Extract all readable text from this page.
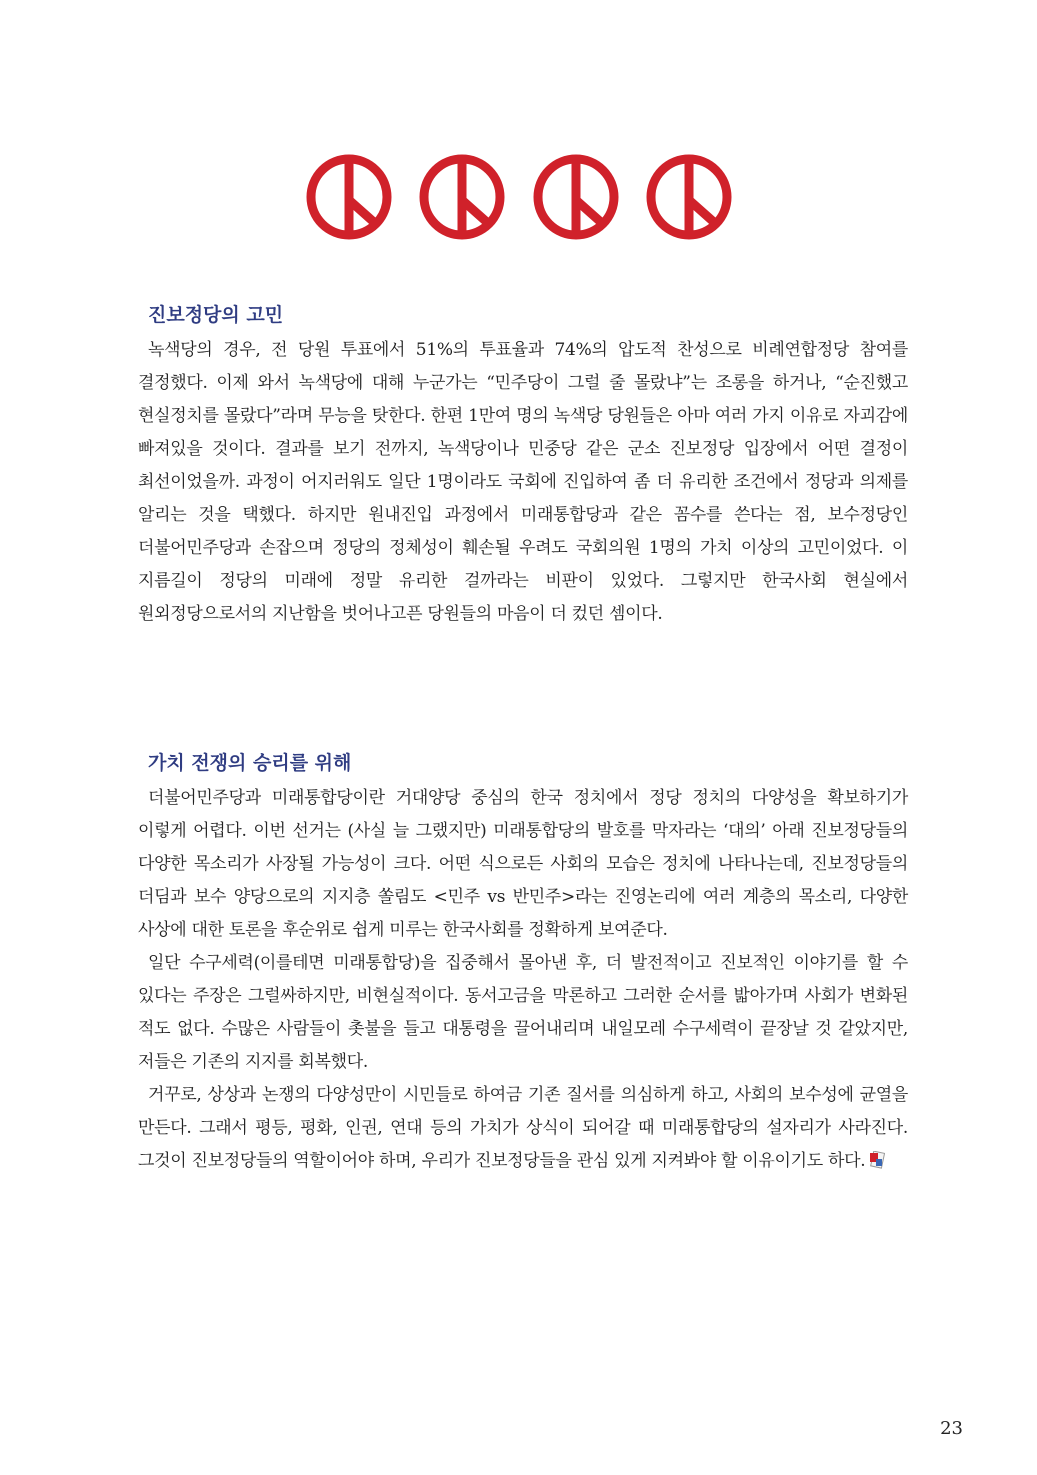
진보정당의 고민

녹색당의 경우, 전 당원 투표에서 51%의 투표율과 74%의 압도적 찬성으로 비례연합정당 참여를 결정했다. 이제 와서 녹색당에 대해 누군가는 “민주당이 그럴 줄 몰랐냐”는 조롱을 하거나, “순진했고 현실정치를 몰랐다”라며 무능을 탓한다. 한편 1만여 명의 녹색당 당원들은 아마 여러 가지 이유로 자괴감에 빠져있을 것이다. 결과를 보기 전까지, 녹색당이나 민중당 같은 군소 진보정당 입장에서 어떤 결정이 최선이었을까. 과정이 어지러워도 일단 1명이라도 국회에 진입하여 좀 더 유리한 조건에서 정당과 의제를 알리는 것을 택했다. 하지만 원내진입 과정에서 미래통합당과 같은 꼼수를 쓴다는 점, 보수정당인 더불어민주당과 손잡으며 정당의 정체성이 훼손될 우려도 국회의원 1명의 가치 이상의 고민이었다. 이 지름길이 정당의 미래에 정말 유리한 걸까라는 비판이 있었다. 그렇지만 한국사회 현실에서 원외정당으로서의 지난함을 벗어나고픈 당원들의 마음이 더 컸던 셈이다.

가치 전쟁의 승리를 위해

더불어민주당과 미래통합당이란 거대양당 중심의 한국 정치에서 정당 정치의 다양성을 확보하기가 이렇게 어렵다. 이번 선거는 (사실 늘 그랬지만) 미래통합당의 발호를 막자라는 ‘대의’ 아래 진보정당들의 다양한 목소리가 사장될 가능성이 크다. 어떤 식으로든 사회의 모습은 정치에 나타나는데, 진보정당들의 더딤과 보수 양당으로의 지지층 쏠림도 <민주 vs 반민주>라는 진영논리에 여러 계층의 목소리, 다양한 사상에 대한 토론을 후순위로 쉽게 미루는 한국사회를 정확하게 보여준다.

일단 수구세력(이를테면 미래통합당)을 집중해서 몰아낸 후, 더 발전적이고 진보적인 이야기를 할 수 있다는 주장은 그럴싸하지만, 비현실적이다. 동서고금을 막론하고 그러한 순서를 밟아가며 사회가 변화된 적도 없다. 수많은 사람들이 촛불을 들고 대통령을 끌어내리며 내일모레 수구세력이 끝장날 것 같았지만, 저들은 기존의 지지를 회복했다.

거꾸로, 상상과 논쟁의 다양성만이 시민들로 하여금 기존 질서를 의심하게 하고, 사회의 보수성에 균열을 만든다. 그래서 평등, 평화, 인권, 연대 등의 가치가 상식이 되어갈 때 미래통합당의 설자리가 사라진다. 그것이 진보정당들의 역할이어야 하며, 우리가 진보정당들을 관심 있게 지켜봐야 할 이유이기도 하다.

23
